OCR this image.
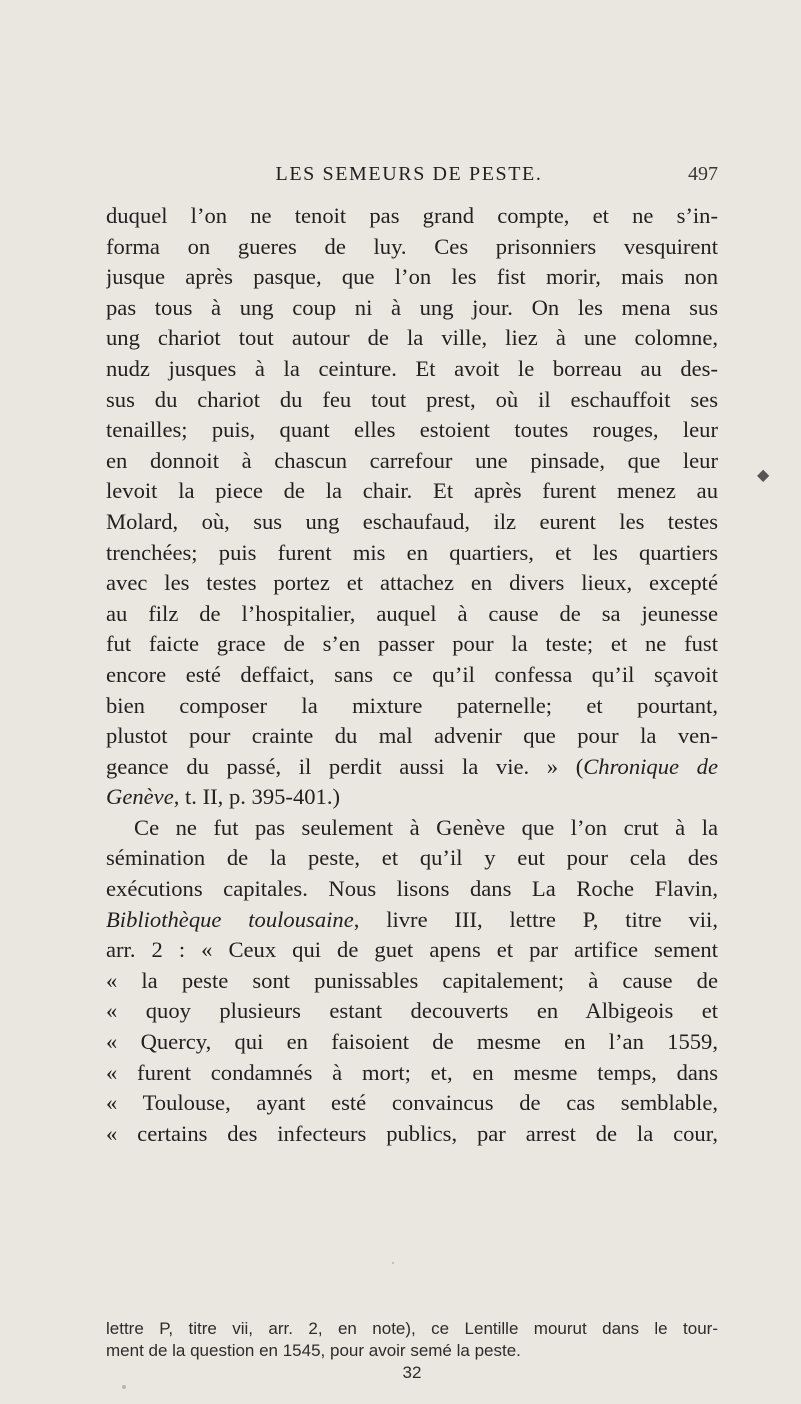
LES SEMEURS DE PESTE.	497
◆
duquel l’on ne tenoit pas grand compte, et ne s’in-
forma on gueres de luy. Ces prisonniers vesquirent
jusque après pasque, que l’on les fist morir, mais non
pas tous à ung coup ni à ung jour. On les mena sus
ung chariot tout autour de la ville, liez à une colomne,
nudz jusques à la ceinture. Et avoit le borreau au des-
sus du chariot du feu tout prest, où il eschauffoit ses
tenailles; puis, quant elles estoient toutes rouges, leur
en donnoit à chascun carrefour une pinsade, que leur
levoit la piece de la chair. Et après furent menez au
Molard, où, sus ung eschaufaud, ilz eurent les testes
trenchées; puis furent mis en quartiers, et les quartiers
avec les testes portez et attachez en divers lieux, excepté
au filz de l’hospitalier, auquel à cause de sa jeunesse
fut faicte grace de s’en passer pour la teste; et ne fust
encore esté deffaict, sans ce qu’il confessa qu’il sçavoit
bien composer la mixture paternelle; et pourtant,
plustot pour crainte du mal advenir que pour la ven-
geance du passé, il perdit aussi la vie. » (Chronique de
Genève, t. II, p. 395-401.)
Ce ne fut pas seulement à Genève que l’on crut à la
sémination de la peste, et qu’il y eut pour cela des
exécutions capitales. Nous lisons dans La Roche Flavin,
Bibliothèque toulousaine, livre III, lettre P, titre vii,
arr. 2 : « Ceux qui de guet apens et par artifice sement
« la peste sont punissables capitalement; à cause de
« quoy plusieurs estant decouverts en Albigeois et
« Quercy, qui en faisoient de mesme en l’an 1559,
« furent condamnés à mort; et, en mesme temps, dans
« Toulouse, ayant esté convaincus de cas semblable,
« certains des infecteurs publics, par arrest de la cour,
lettre P, titre vii, arr. 2, en note), ce Lentille mourut dans le tour-
ment de la question en 1545, pour avoir semé la peste.
32
